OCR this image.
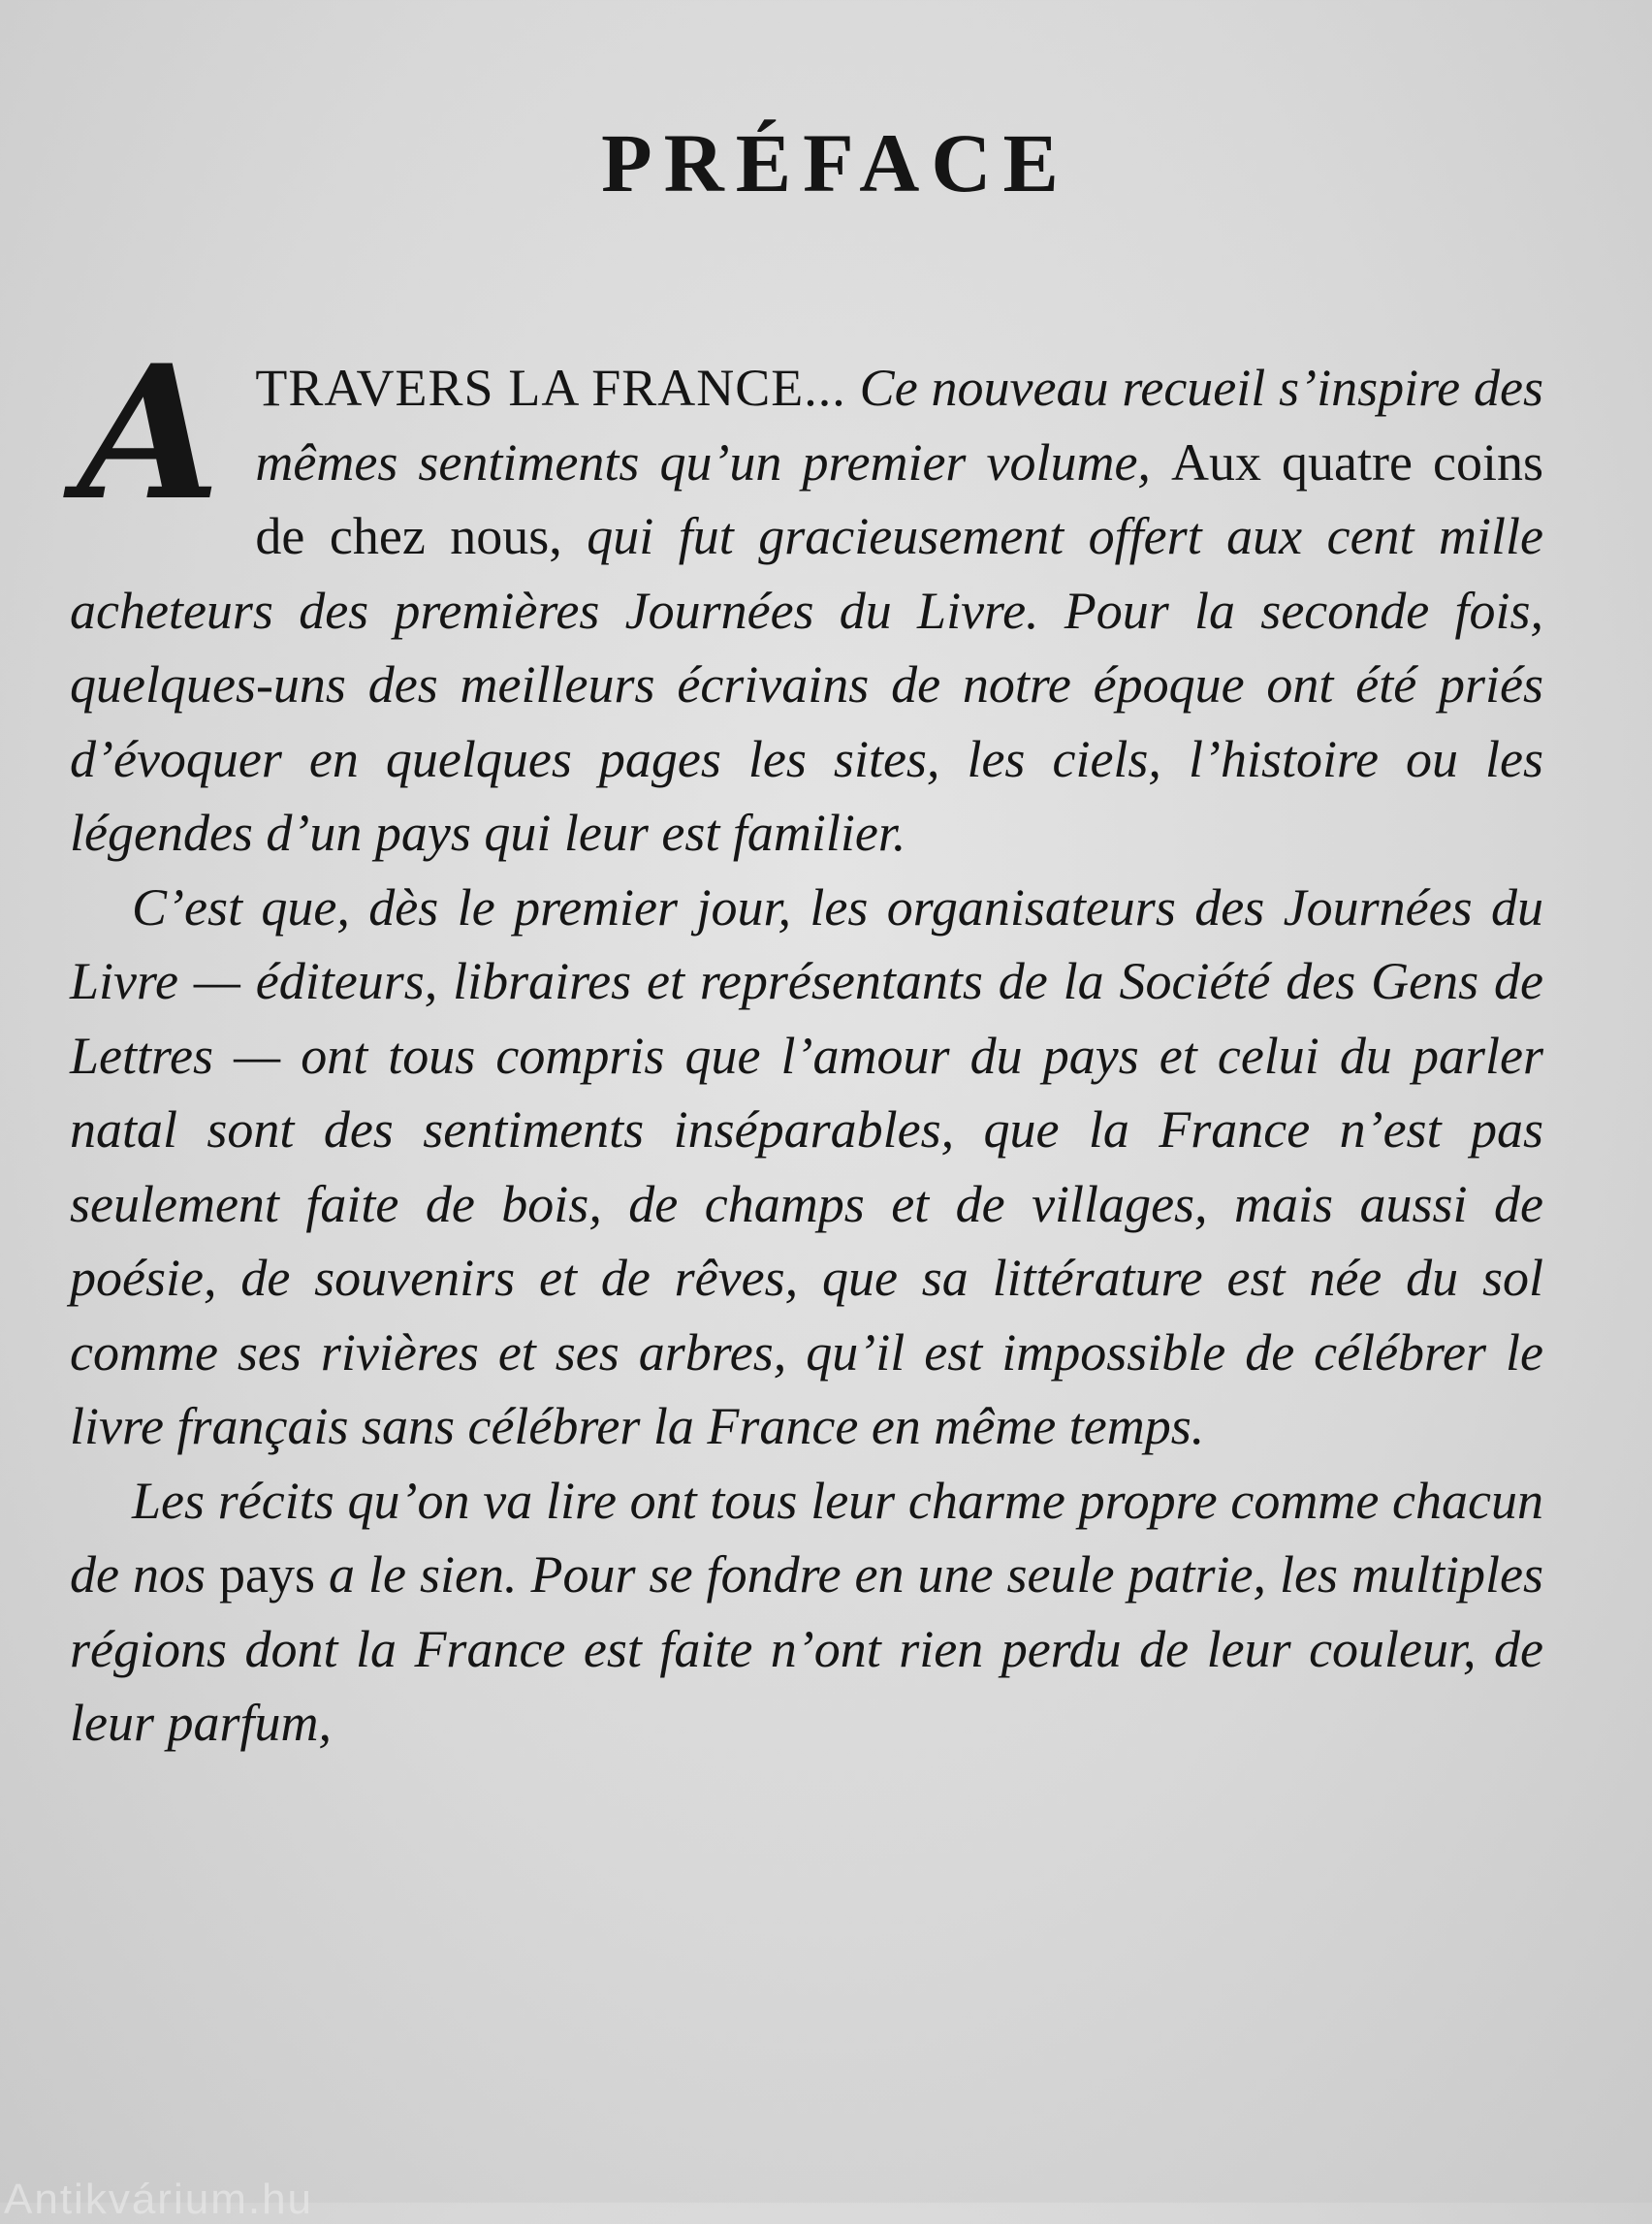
PRÉFACE

ATRAVERS LA FRANCE... Ce nouveau recueil s’inspire des mêmes sentiments qu’un premier volume, Aux quatre coins de chez nous, qui fut gracieusement offert aux cent mille acheteurs des premières Journées du Livre. Pour la seconde fois, quelques-uns des meilleurs écrivains de notre époque ont été priés d’évoquer en quelques pages les sites, les ciels, l’histoire ou les légendes d’un pays qui leur est familier.

C’est que, dès le premier jour, les organisateurs des Journées du Livre — éditeurs, libraires et représentants de la Société des Gens de Lettres — ont tous compris que l’amour du pays et celui du parler natal sont des sentiments inséparables, que la France n’est pas seulement faite de bois, de champs et de villages, mais aussi de poésie, de souvenirs et de rêves, que sa littérature est née du sol comme ses rivières et ses arbres, qu’il est impossible de célébrer le livre français sans célébrer la France en même temps.

Les récits qu’on va lire ont tous leur charme propre comme chacun de nos pays a le sien. Pour se fondre en une seule patrie, les multiples régions dont la France est faite n’ont rien perdu de leur couleur, de leur parfum,

Antikvárium.hu
